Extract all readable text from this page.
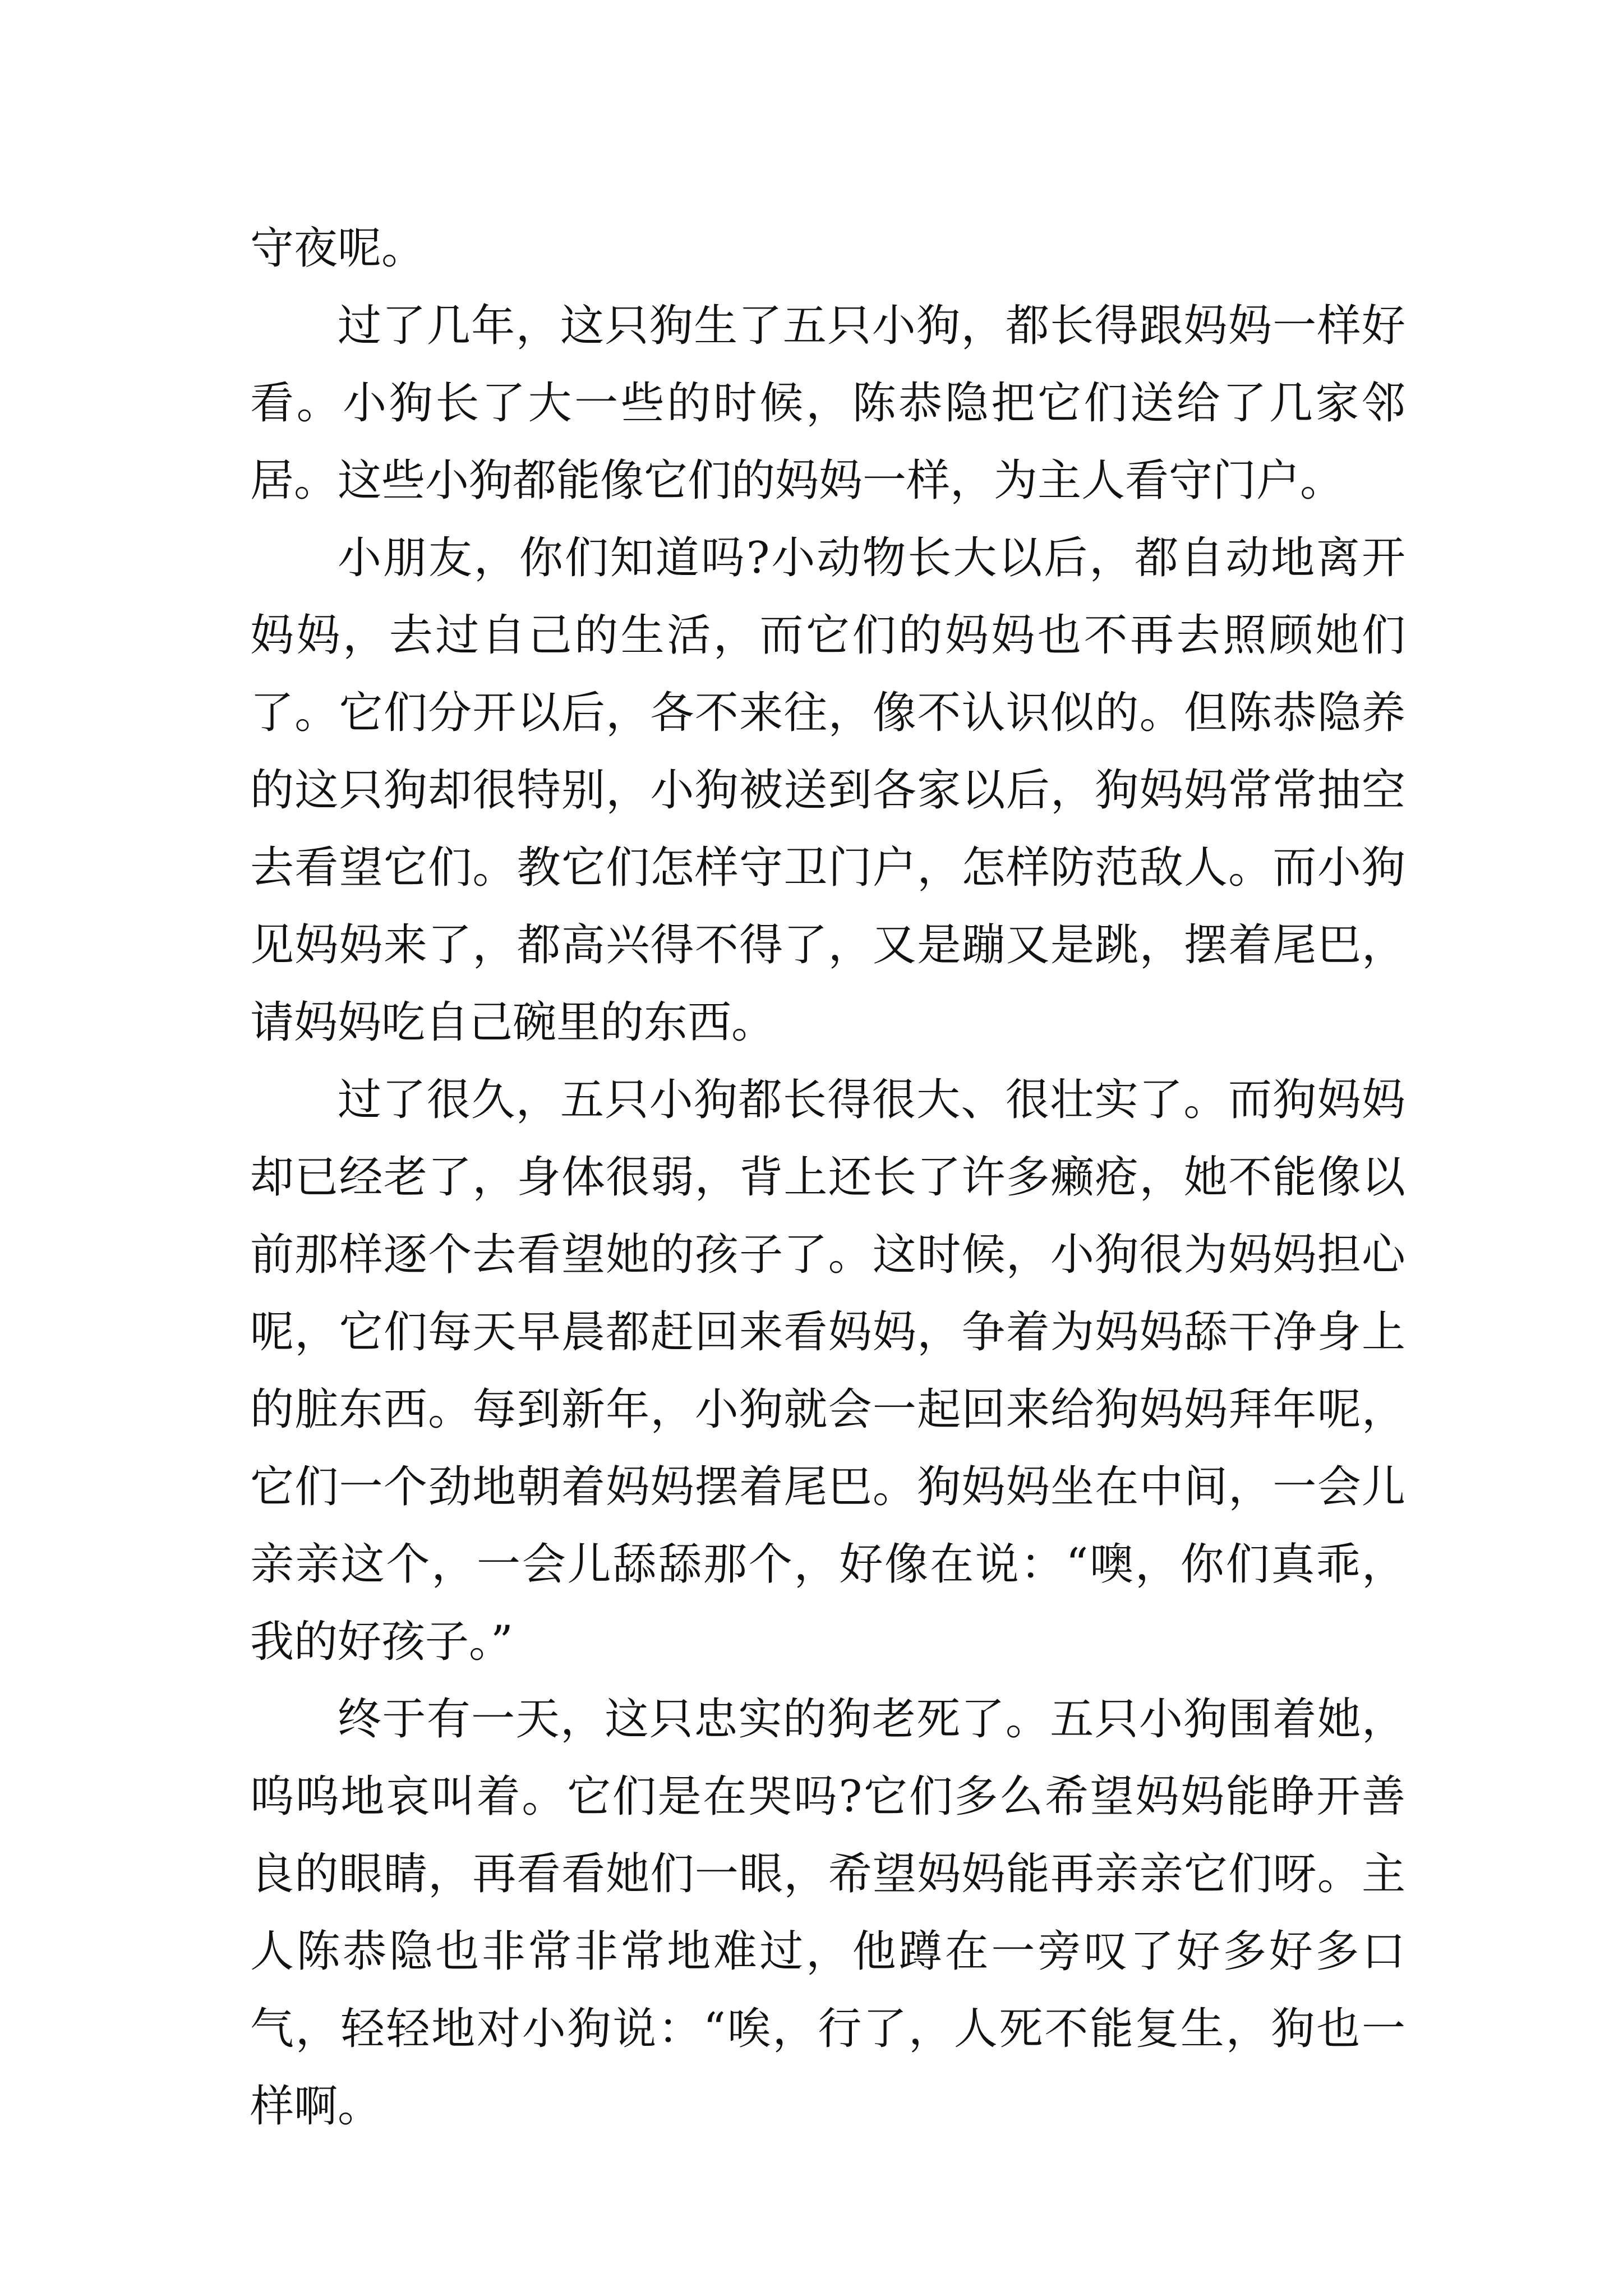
守夜呢。

过了几年，这只狗生了五只小狗，都长得跟妈妈一样好看。小狗长了大一些的时候，陈恭隐把它们送给了几家邻居。这些小狗都能像它们的妈妈一样，为主人看守门户。

小朋友，你们知道吗?小动物长大以后，都自动地离开妈妈，去过自己的生活，而它们的妈妈也不再去照顾她们了。它们分开以后，各不来往，像不认识似的。但陈恭隐养的这只狗却很特别，小狗被送到各家以后，狗妈妈常常抽空去看望它们。教它们怎样守卫门户，怎样防范敌人。而小狗见妈妈来了，都高兴得不得了，又是蹦又是跳，摆着尾巴，请妈妈吃自己碗里的东西。

过了很久，五只小狗都长得很大、很壮实了。而狗妈妈却已经老了，身体很弱，背上还长了许多癞疮，她不能像以前那样逐个去看望她的孩子了。这时候，小狗很为妈妈担心呢，它们每天早晨都赶回来看妈妈，争着为妈妈舔干净身上的脏东西。每到新年，小狗就会一起回来给狗妈妈拜年呢，它们一个劲地朝着妈妈摆着尾巴。狗妈妈坐在中间，一会儿亲亲这个，一会儿舔舔那个，好像在说：“噢，你们真乖，我的好孩子。”

终于有一天，这只忠实的狗老死了。五只小狗围着她，呜呜地哀叫着。它们是在哭吗?它们多么希望妈妈能睁开善良的眼睛，再看看她们一眼，希望妈妈能再亲亲它们呀。主人陈恭隐也非常非常地难过，他蹲在一旁叹了好多好多口气，轻轻地对小狗说：“唉，行了，人死不能复生，狗也一样啊。
